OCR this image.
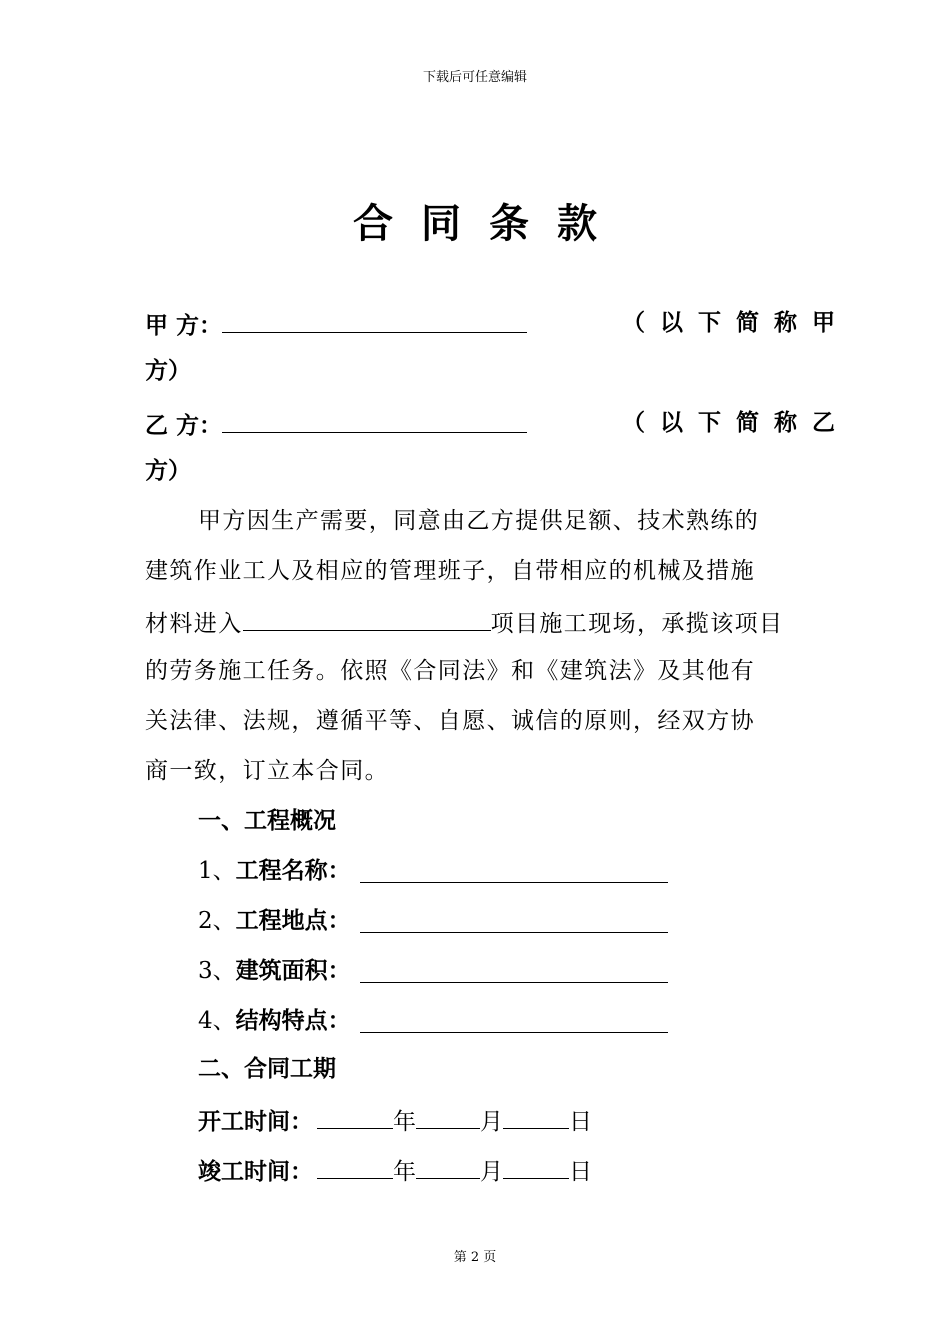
下载后可任意编辑
合同条款
甲 方：	（以下简称甲
方）
乙 方：	（以下简称乙
方）
甲方因生产需要，同意由乙方提供足额、技术熟练的
建筑作业工人及相应的管理班子，自带相应的机械及措施
材料进入	项目施工现场，承揽该项目
的劳务施工任务。依照《合同法》和《建筑法》及其他有
关法律、法规，遵循平等、自愿、诚信的原则，经双方协
商一致，订立本合同。
一、工程概况
1、工程名称：
2、工程地点：
3、建筑面积：
4、结构特点：
二、合同工期
开工时间：	年	月	日
竣工时间：	年	月	日
第 2 页
